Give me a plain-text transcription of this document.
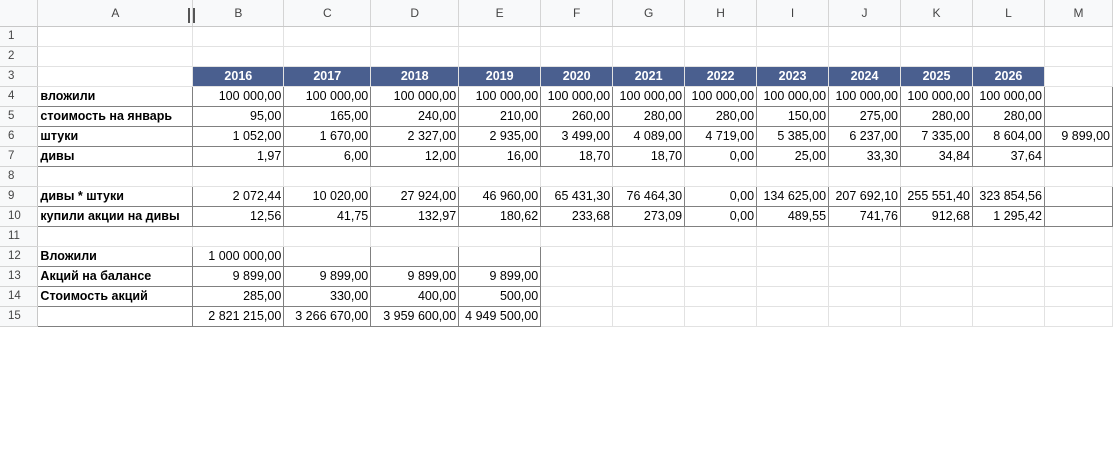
	A	B	C	D	E	F	G	H	I	J	K	L	M
1													
2													
3		2016	2017	2018	2019	2020	2021	2022	2023	2024	2025	2026	
4	вложили	100 000,00	100 000,00	100 000,00	100 000,00	100 000,00	100 000,00	100 000,00	100 000,00	100 000,00	100 000,00	100 000,00	
5	стоимость на январь	95,00	165,00	240,00	210,00	260,00	280,00	280,00	150,00	275,00	280,00	280,00	
6	штуки	1 052,00	1 670,00	2 327,00	2 935,00	3 499,00	4 089,00	4 719,00	5 385,00	6 237,00	7 335,00	8 604,00	9 899,00
7	дивы	1,97	6,00	12,00	16,00	18,70	18,70	0,00	25,00	33,30	34,84	37,64	
8													
9	дивы * штуки	2 072,44	10 020,00	27 924,00	46 960,00	65 431,30	76 464,30	0,00	134 625,00	207 692,10	255 551,40	323 854,56	
10	купили акции на дивы	12,56	41,75	132,97	180,62	233,68	273,09	0,00	489,55	741,76	912,68	1 295,42	
11													
12	Вложили	1 000 000,00											
13	Акций на балансе	9 899,00	9 899,00	9 899,00	9 899,00								
14	Стоимость акций	285,00	330,00	400,00	500,00								
15		2 821 215,00	3 266 670,00	3 959 600,00	4 949 500,00								
